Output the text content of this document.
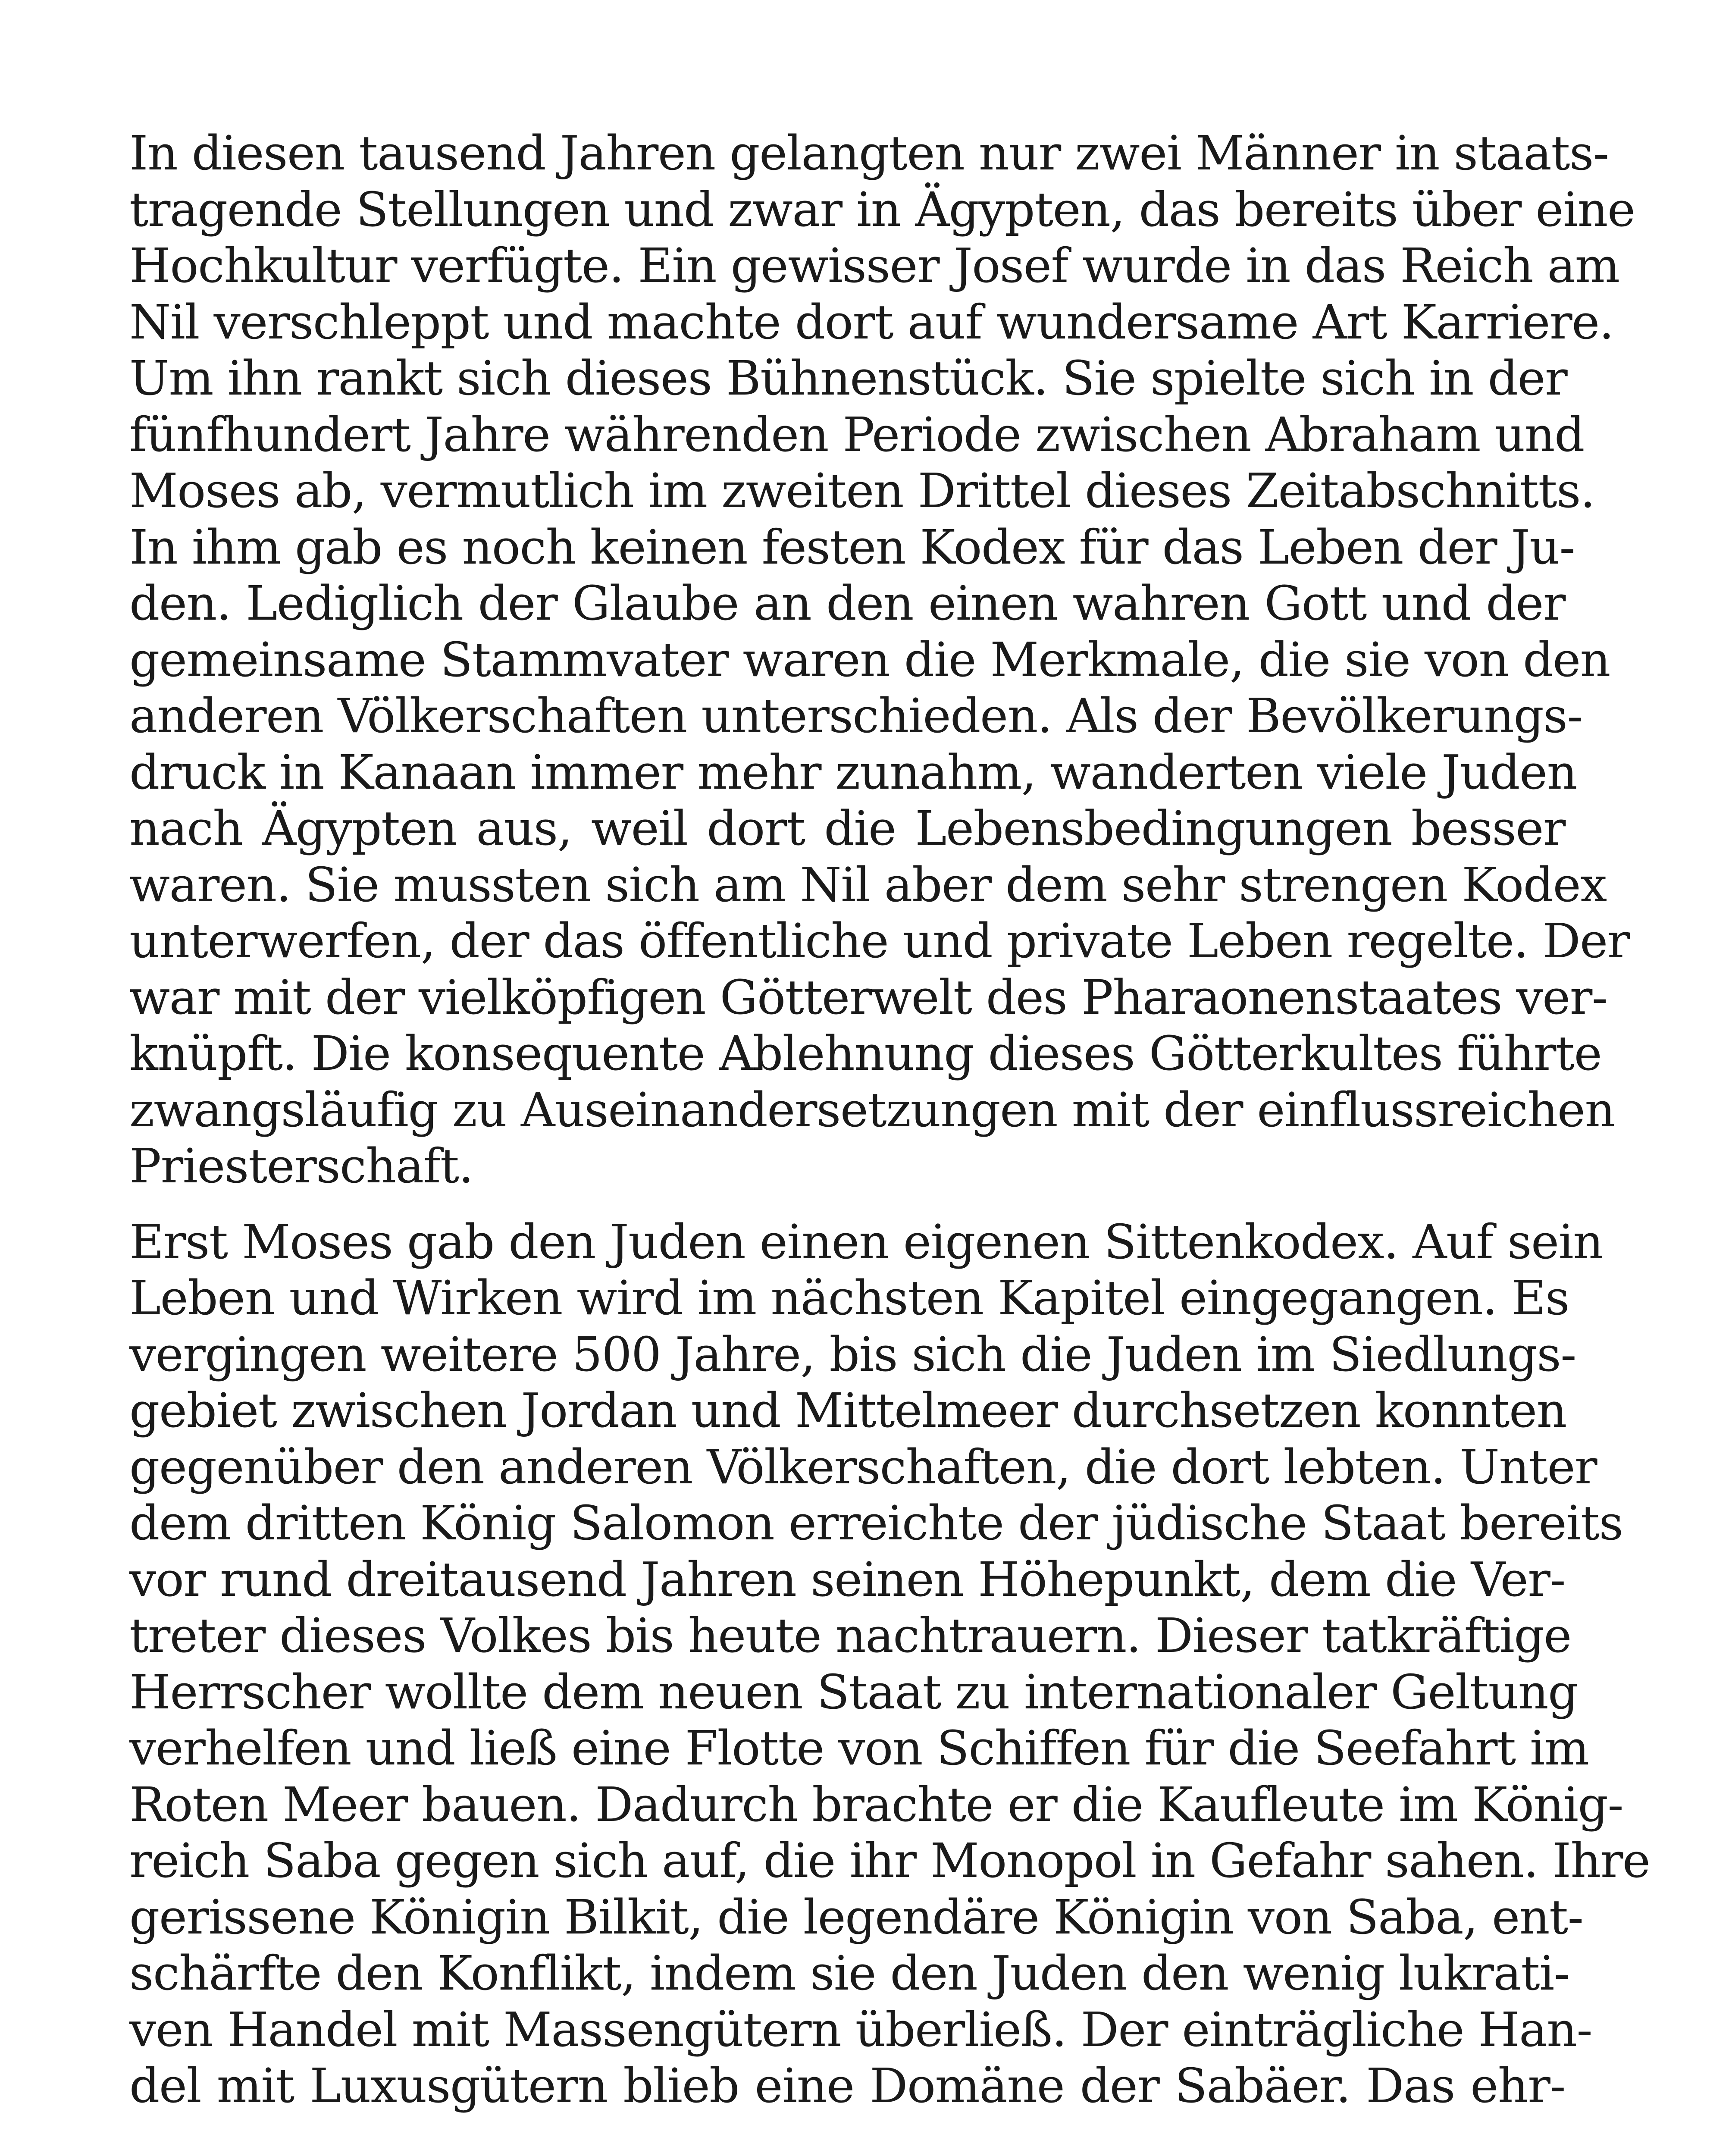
In diesen tausend Jahren gelangten nur zwei Männer in staats-
tragende Stellungen und zwar in Ägypten, das bereits über eine
Hochkultur verfügte. Ein gewisser Josef wurde in das Reich am
Nil verschleppt und machte dort auf wundersame Art Karriere.
Um ihn rankt sich dieses Bühnenstück. Sie spielte sich in der
fünfhundert Jahre währenden Periode zwischen Abraham und
Moses ab, vermutlich im zweiten Drittel dieses Zeitabschnitts.
In ihm gab es noch keinen festen Kodex für das Leben der Ju-
den. Lediglich der Glaube an den einen wahren Gott und der
gemeinsame Stammvater waren die Merkmale, die sie von den
anderen Völkerschaften unterschieden. Als der Bevölkerungs-
druck in Kanaan immer mehr zunahm, wanderten viele Juden
nach Ägypten aus, weil dort die Lebensbedingungen besser
waren. Sie mussten sich am Nil aber dem sehr strengen Kodex
unterwerfen, der das öffentliche und private Leben regelte. Der
war mit der vielköpfigen Götterwelt des Pharaonenstaates ver-
knüpft. Die konsequente Ablehnung dieses Götterkultes führte
zwangsläufig zu Auseinandersetzungen mit der einflussreichen
Priesterschaft.
Erst Moses gab den Juden einen eigenen Sittenkodex. Auf sein
Leben und Wirken wird im nächsten Kapitel eingegangen. Es
vergingen weitere 500 Jahre, bis sich die Juden im Siedlungs-
gebiet zwischen Jordan und Mittelmeer durchsetzen konnten
gegenüber den anderen Völkerschaften, die dort lebten. Unter
dem dritten König Salomon erreichte der jüdische Staat bereits
vor rund dreitausend Jahren seinen Höhepunkt, dem die Ver-
treter dieses Volkes bis heute nachtrauern. Dieser tatkräftige
Herrscher wollte dem neuen Staat zu internationaler Geltung
verhelfen und ließ eine Flotte von Schiffen für die Seefahrt im
Roten Meer bauen. Dadurch brachte er die Kaufleute im König-
reich Saba gegen sich auf, die ihr Monopol in Gefahr sahen. Ihre
gerissene Königin Bilkit, die legendäre Königin von Saba, ent-
schärfte den Konflikt, indem sie den Juden den wenig lukrati-
ven Handel mit Massengütern überließ. Der einträgliche Han-
del mit Luxusgütern blieb eine Domäne der Sabäer. Das ehr-
